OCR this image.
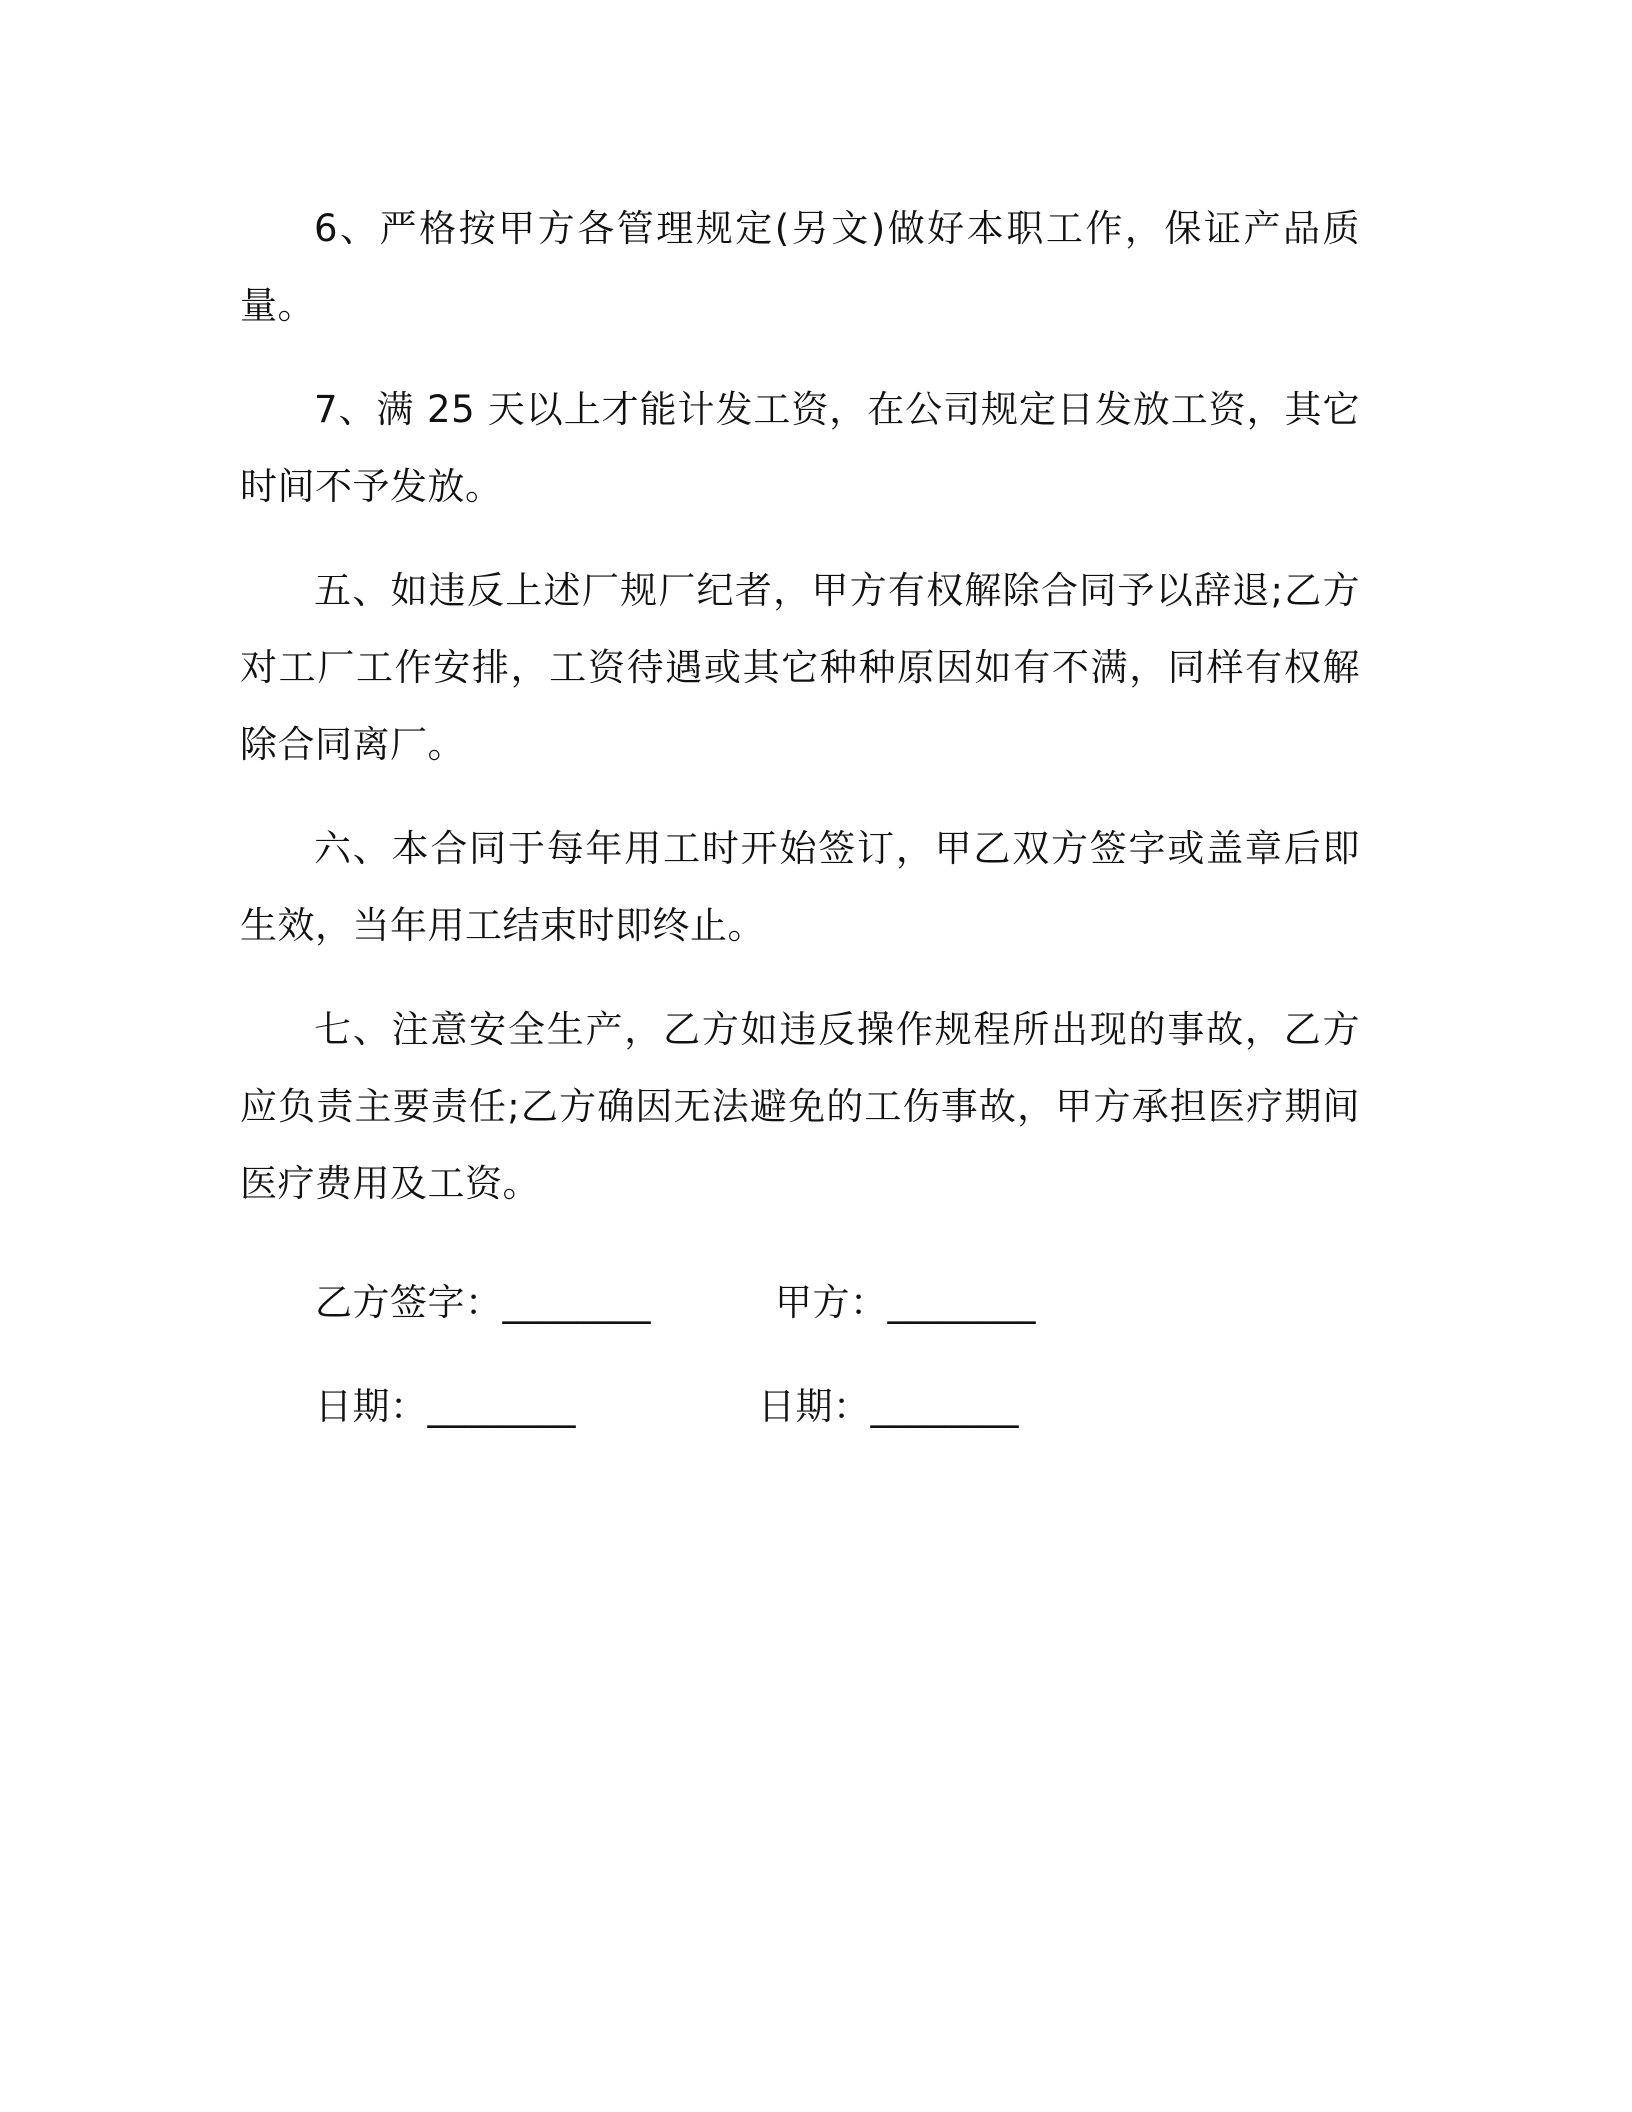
6、严格按甲方各管理规定(另文)做好本职工作，保证产品质量。

7、满 25 天以上才能计发工资，在公司规定日发放工资，其它时间不予发放。

五、如违反上述厂规厂纪者，甲方有权解除合同予以辞退;乙方对工厂工作安排，工资待遇或其它种种原因如有不满，同样有权解除合同离厂。

六、本合同于每年用工时开始签订，甲乙双方签字或盖章后即生效，当年用工结束时即终止。

七、注意安全生产，乙方如违反操作规程所出现的事故，乙方应负责主要责任;乙方确因无法避免的工伤事故，甲方承担医疗期间医疗费用及工资。

乙方签字：________	甲方：________
日期：________	日期：________
